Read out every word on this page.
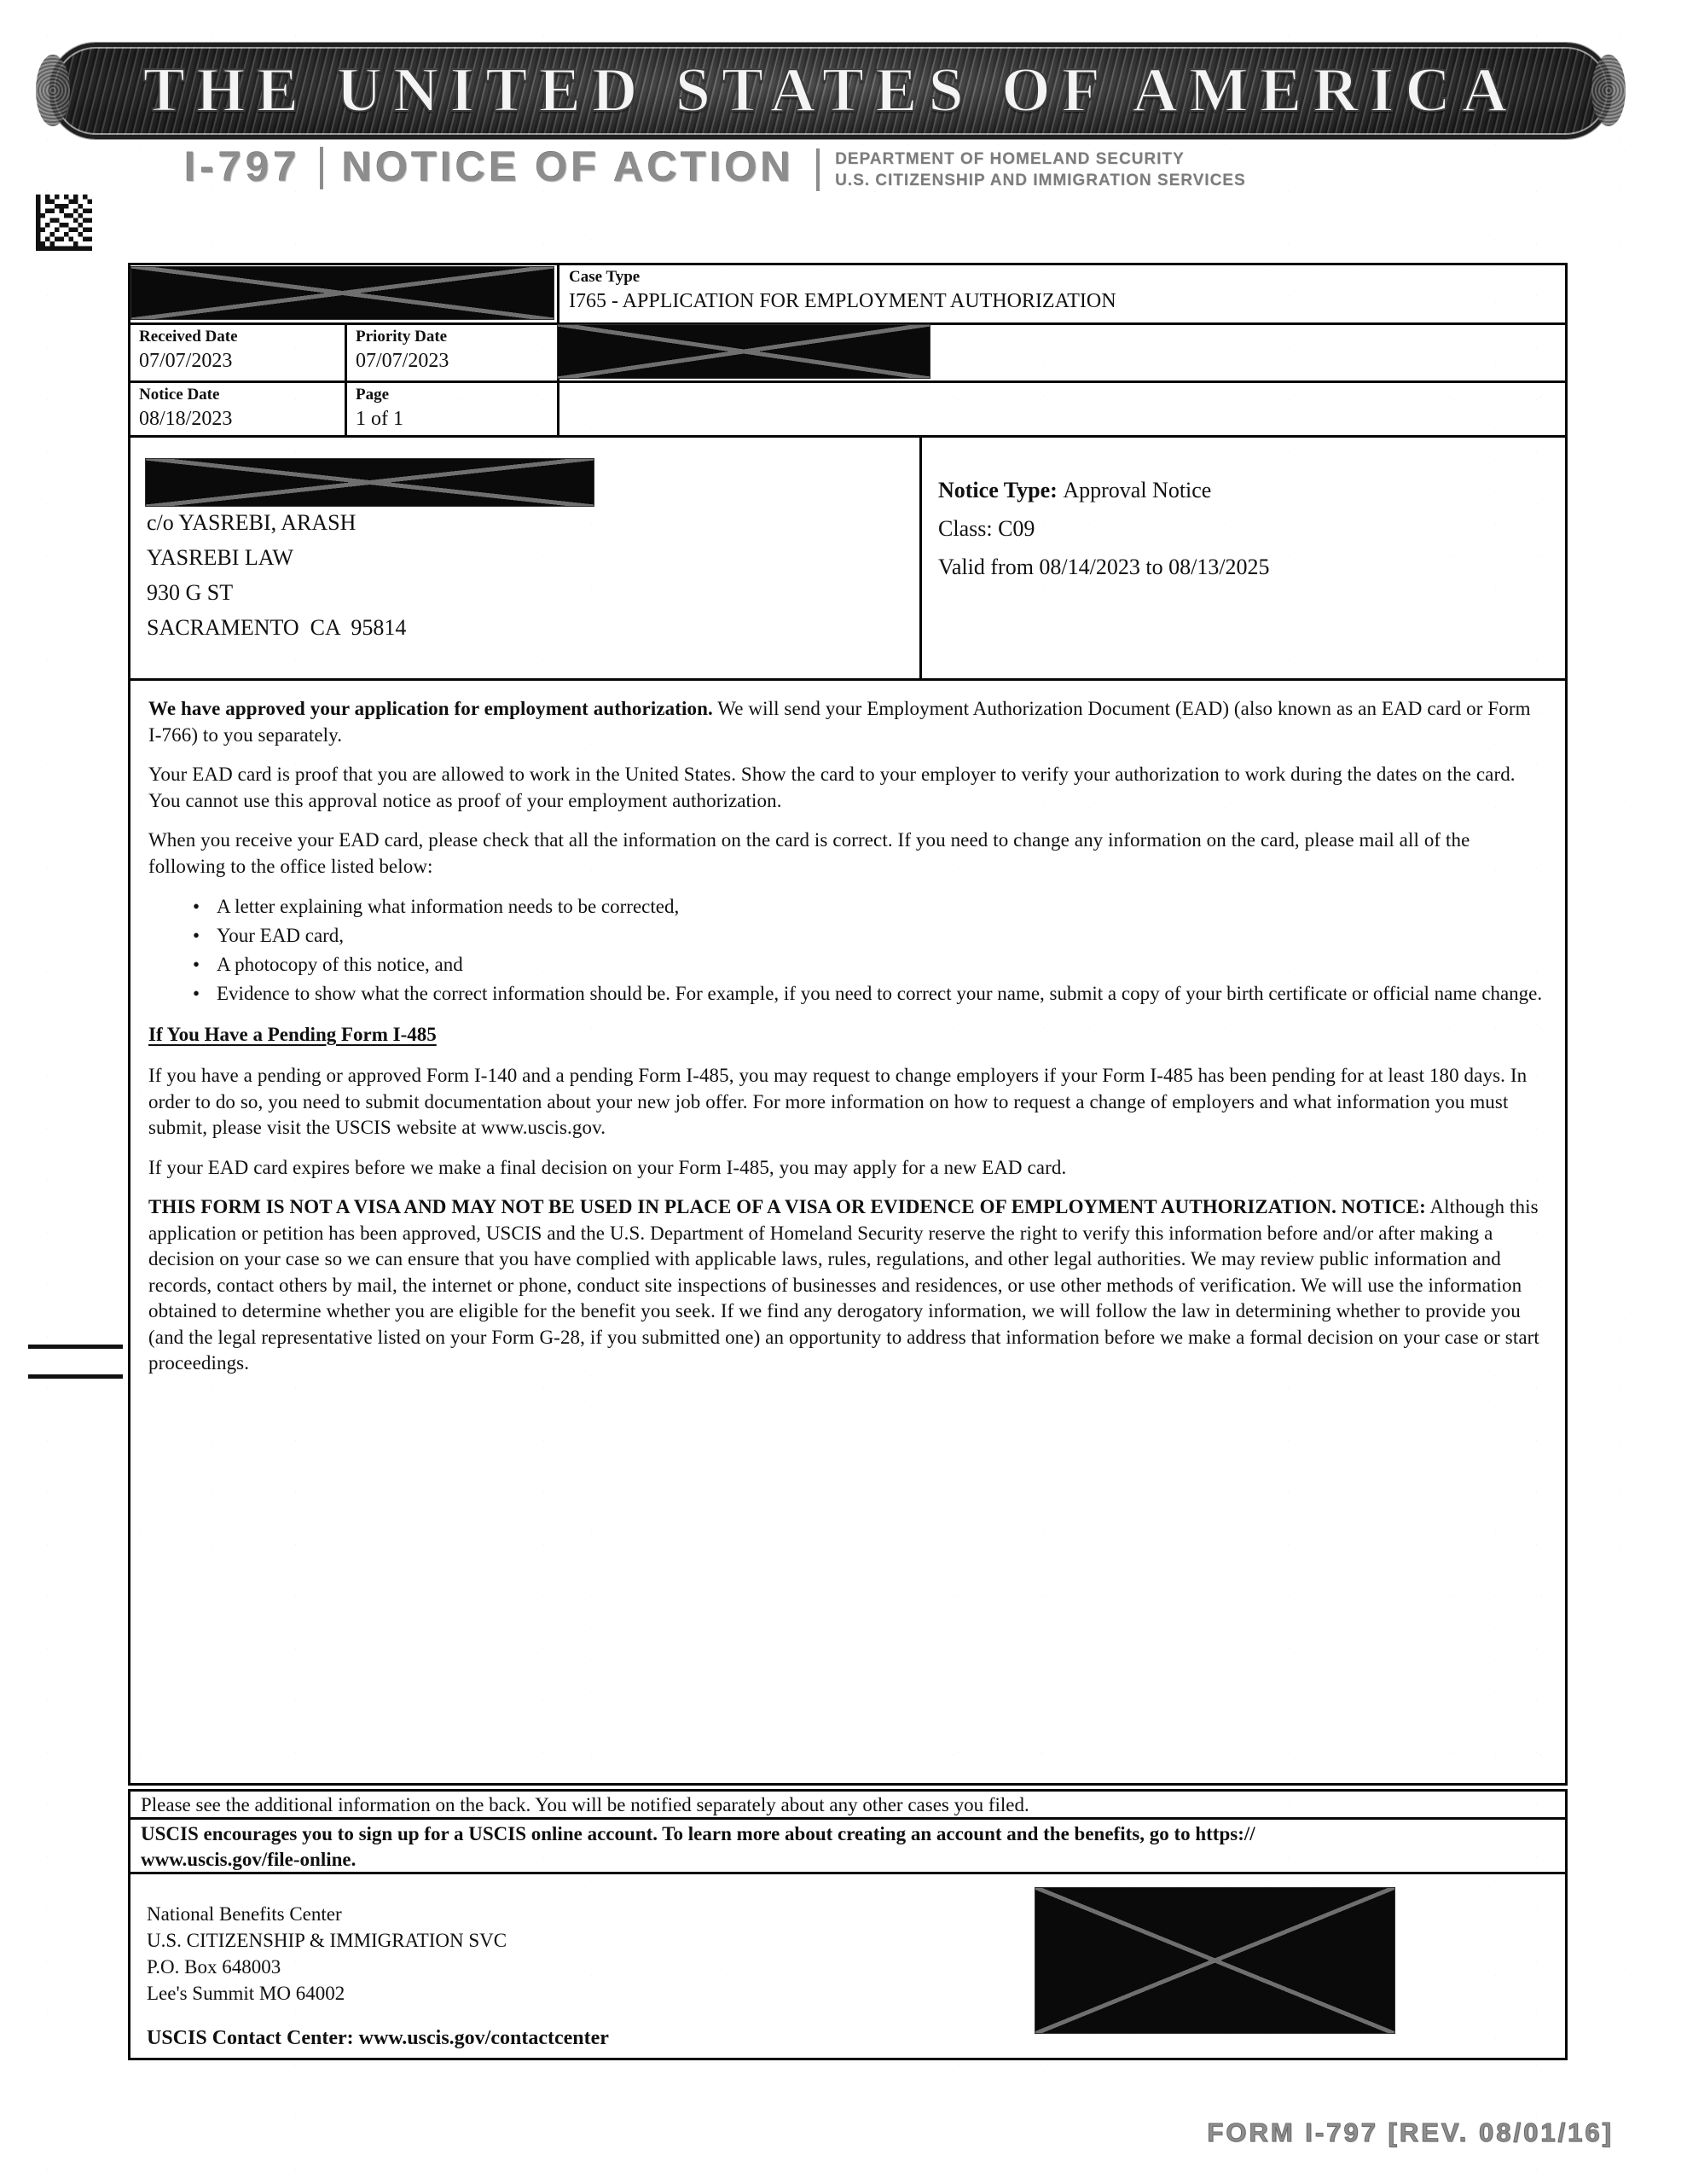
THE UNITED STATES OF AMERICA
I-797 NOTICE OF ACTION	DEPARTMENT OF HOMELAND SECURITY
U.S. CITIZENSHIP AND IMMIGRATION SERVICES
Case Type
I765 - APPLICATION FOR EMPLOYMENT AUTHORIZATION
Received Date
07/07/2023
Priority Date
07/07/2023
Notice Date
08/18/2023
Page
1 of 1
c/o YASREBI, ARASH
YASREBI LAW
930 G ST
SACRAMENTO  CA  95814
Notice Type: Approval Notice
Class: C09
Valid from 08/14/2023 to 08/13/2025

We have approved your application for employment authorization. We will send your Employment Authorization Document (EAD) (also known as an EAD card or Form I-766) to you separately.

Your EAD card is proof that you are allowed to work in the United States. Show the card to your employer to verify your authorization to work during the dates on the card. You cannot use this approval notice as proof of your employment authorization.

When you receive your EAD card, please check that all the information on the card is correct. If you need to change any information on the card, please mail all of the following to the office listed below:

• A letter explaining what information needs to be corrected,
• Your EAD card,
• A photocopy of this notice, and
• Evidence to show what the correct information should be. For example, if you need to correct your name, submit a copy of your birth certificate or official name change.
If You Have a Pending Form I-485

If you have a pending or approved Form I-140 and a pending Form I-485, you may request to change employers if your Form I-485 has been pending for at least 180 days. In order to do so, you need to submit documentation about your new job offer. For more information on how to request a change of employers and what information you must submit, please visit the USCIS website at www.uscis.gov.

If your EAD card expires before we make a final decision on your Form I-485, you may apply for a new EAD card.

THIS FORM IS NOT A VISA AND MAY NOT BE USED IN PLACE OF A VISA OR EVIDENCE OF EMPLOYMENT AUTHORIZATION. NOTICE: Although this application or petition has been approved, USCIS and the U.S. Department of Homeland Security reserve the right to verify this information before and/or after making a decision on your case so we can ensure that you have complied with applicable laws, rules, regulations, and other legal authorities. We may review public information and records, contact others by mail, the internet or phone, conduct site inspections of businesses and residences, or use other methods of verification. We will use the information obtained to determine whether you are eligible for the benefit you seek. If we find any derogatory information, we will follow the law in determining whether to provide you (and the legal representative listed on your Form G-28, if you submitted one) an opportunity to address that information before we make a formal decision on your case or start proceedings.

Please see the additional information on the back. You will be notified separately about any other cases you filed.
USCIS encourages you to sign up for a USCIS online account. To learn more about creating an account and the benefits, go to https://
www.uscis.gov/file-online.
National Benefits Center
U.S. CITIZENSHIP & IMMIGRATION SVC
P.O. Box 648003
Lee's Summit MO 64002
USCIS Contact Center: www.uscis.gov/contactcenter
FORM I-797 [REV. 08/01/16]
